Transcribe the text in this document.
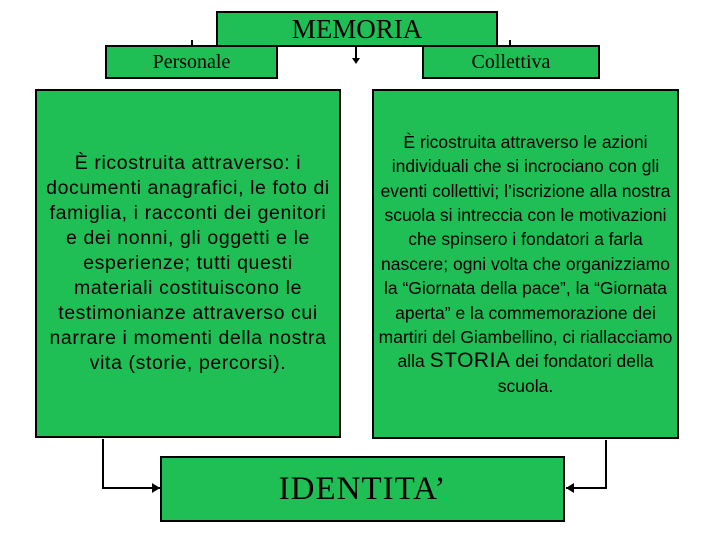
MEMORIA
Personale	Collettiva
È ricostruita attraverso: i documenti anagrafici, le foto di famiglia, i racconti dei genitori e dei nonni, gli oggetti e le esperienze; tutti questi materiali costituiscono le testimonianze attraverso cui narrare i momenti della nostra vita (storie, percorsi).
È ricostruita attraverso le azioni individuali che si incrociano con gli eventi collettivi; l’iscrizione alla nostra scuola si intreccia con le motivazioni che spinsero i fondatori a farla nascere; ogni volta che organizziamo la “Giornata della pace”, la “Giornata aperta” e la commemorazione dei martiri del Giambellino, ci riallacciamo alla STORIA dei fondatori della scuola.
IDENTITA’
